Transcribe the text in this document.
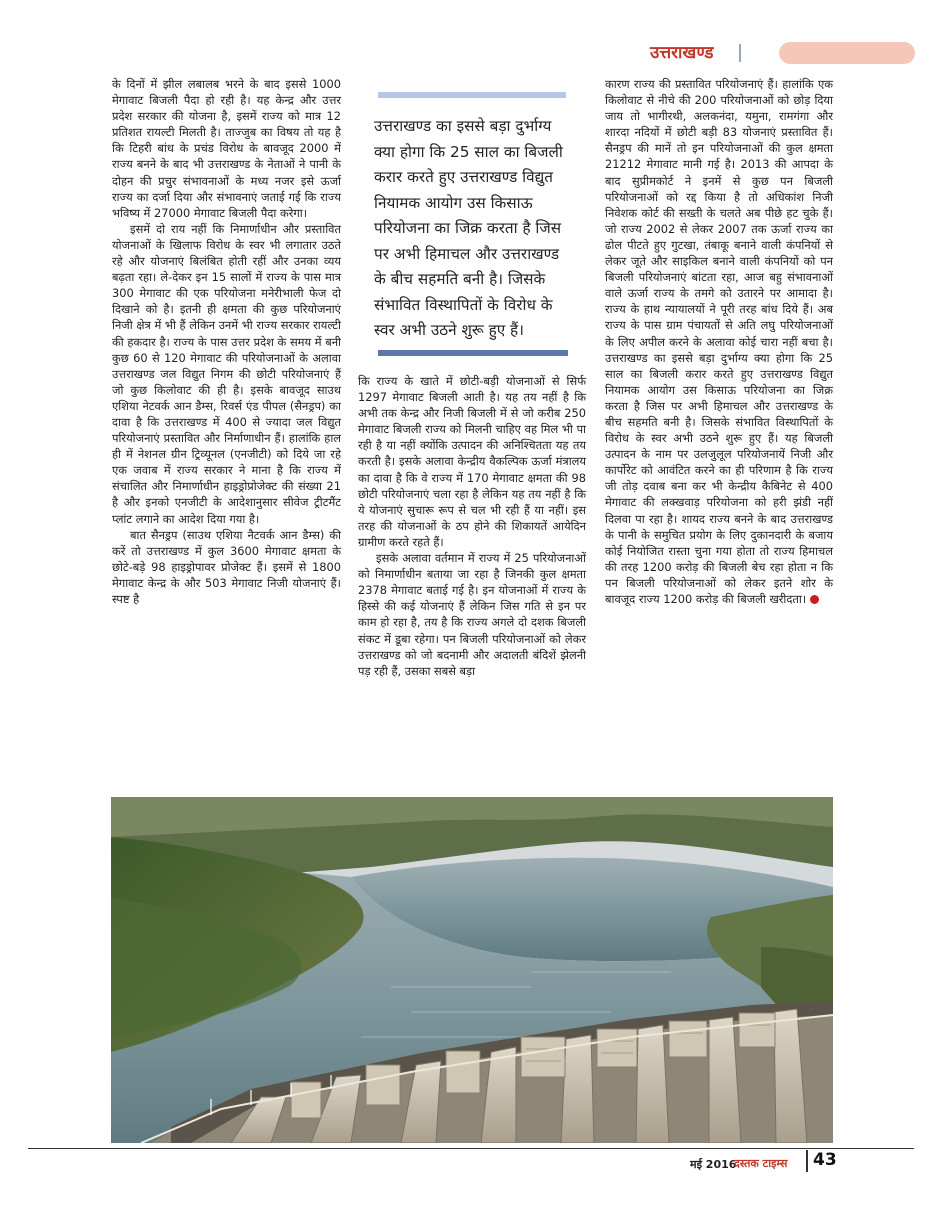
उत्तराखण्ड

के दिनों में झील लबालब भरने के बाद इससे 1000 मेगावाट बिजली पैदा हो रही है। यह केन्द्र और उत्तर प्रदेश सरकार की योजना है, इसमें राज्य को मात्र 12 प्रतिशत रायल्टी मिलती है। ताज्जुब का विषय तो यह है कि टिहरी बांध के प्रचंड विरोध के बावजूद 2000 में राज्य बनने के बाद भी उत्तराखण्ड के नेताओं ने पानी के दोहन की प्रचुर संभावनाओं के मध्य नजर इसे ऊर्जा राज्य का दर्जा दिया और संभावनाएं जताई गई कि राज्य भविष्य में 27000 मेगावाट बिजली पैदा करेगा।

इसमें दो राय नहीं कि निमार्णाधीन और प्रस्तावित योजनाओं के खिलाफ विरोध के स्वर भी लगातार उठते रहे और योजनाएं बिलंबित होती रहीं और उनका व्यय बढ़ता रहा। ले-देकर इन 15 सालों में राज्य के पास मात्र 300 मेगावाट की एक परियोजना मनेरीभाली फेज दो दिखाने को है। इतनी ही क्षमता की कुछ परियोजनाएं निजी क्षेत्र में भी हैं लेकिन उनमें भी राज्य सरकार रायल्टी की हकदार है। राज्य के पास उत्तर प्रदेश के समय में बनी कुछ 60 से 120 मेगावाट की परियोजनाओं के अलावा उत्तराखण्ड जल विद्युत निगम की छोटी परियोजनाएं हैं जो कुछ किलोवाट की ही है। इसके बावजूद साउथ एशिया नेटवर्क आन डैम्स, रिवर्स एंड पीपल (सैनड्रप) का दावा है कि उत्तराखण्ड में 400 से ज्यादा जल विद्युत परियोजनाएं प्रस्तावित और निर्माणाधीन हैं। हालांकि हाल ही में नेशनल ग्रीन ट्रिव्यूनल (एनजीटी) को दिये जा रहे एक जवाब में राज्य सरकार ने माना है कि राज्य में संचालित और निमार्णाधीन हाइड्रोप्रोजेक्ट की संख्या 21 है और इनको एनजीटी के आदेशानुसार सीवेज ट्रीटमैंट प्लांट लगाने का आदेश दिया गया है।

बात सैनड्रप (साउथ एशिया नैटवर्क आन डैम्स) की करें तो उत्तराखण्ड में कुल 3600 मेगावाट क्षमता के छोटे-बड़े 98 हाइड्रोपावर प्रोजेक्ट हैं। इसमें से 1800 मेगावाट केन्द्र के और 503 मेगावाट निजी योजनाएं हैं। स्पष्ट है

उत्तराखण्ड का इससे बड़ा दुर्भाग्य क्या होगा कि 25 साल का बिजली करार करते हुए उत्तराखण्ड विद्युत नियामक आयोग उस किसाऊ परियोजना का जिक्र करता है जिस पर अभी हिमाचल और उत्तराखण्ड के बीच सहमति बनी है। जिसके संभावित विस्थापितों के विरोध के स्वर अभी उठने शुरू हुए हैं।

कि राज्य के खाते में छोटी-बड़ी योजनाओं से सिर्फ 1297 मेगावाट बिजली आती है। यह तय नहीं है कि अभी तक केन्द्र और निजी बिजली में से जो करीब 250 मेगावाट बिजली राज्य को मिलनी चाहिए वह मिल भी पा रही है या नहीं क्योंकि उत्पादन की अनिश्चितता यह तय करती है। इसके अलावा केन्द्रीय वैकल्पिक ऊर्जा मंत्रालय का दावा है कि वे राज्य में 170 मेगावाट क्षमता की 98 छोटी परियोजनाएं चला रहा है लेकिन यह तय नहीं है कि ये योजनाएं सुचारू रूप से चल भी रही हैं या नहीं। इस तरह की योजनाओं के ठप होने की शिकायतें आयेदिन ग्रामीण करते रहते हैं।

इसके अलावा वर्तमान में राज्य में 25 परियोजनाओं को निमार्णाधीन बताया जा रहा है जिनकी कुल क्षमता 2378 मेगावाट बताई गई है। इन योजनाओं में राज्य के हिस्से की कई योजनाएं हैं लेकिन जिस गति से इन पर काम हो रहा है, तय है कि राज्य अगले दो दशक बिजली संकट में डूबा रहेगा। पन बिजली परियोजनाओं को लेकर उत्तराखण्ड को जो बदनामी और अदालती बंदिशें झेलनी पड़ रही हैं, उसका सबसे बड़ा

कारण राज्य की प्रस्तावित परियोजनाएं हैं। हालांकि एक किलोवाट से नीचे की 200 परियोजनाओं को छोड़ दिया जाय तो भागीरथी, अलकनंदा, यमुना, रामगंगा और शारदा नदियों में छोटी बड़ी 83 योजनाएं प्रस्तावित हैं। सैनड्रप की मानें तो इन परियोजनाओं की कुल क्षमता 21212 मेगावाट मानी गई है। 2013 की आपदा के बाद सुप्रीमकोर्ट ने इनमें से कुछ पन बिजली परियोजनाओं को रद्द किया है तो अधिकांश निजी निवेशक कोर्ट की सख्ती के चलते अब पीछे हट चुके हैं। जो राज्य 2002 से लेकर 2007 तक ऊर्जा राज्य का ढोल पीटते हुए गुटखा, तंबाकू बनाने वाली कंपनियों से लेकर जूते और साइकिल बनाने वाली कंपनियों को पन बिजली परियोजनाएं बांटता रहा, आज बहु संभावनाओं वाले ऊर्जा राज्य के तमगे को उतारने पर आमादा है। राज्य के हाथ न्यायालयों ने पूरी तरह बांध दिये हैं। अब राज्य के पास ग्राम पंचायतों से अति लघु परियोजनाओं के लिए अपील करने के अलावा कोई चारा नहीं बचा है। उत्तराखण्ड का इससे बड़ा दुर्भाग्य क्या होगा कि 25 साल का बिजली करार करते हुए उत्तराखण्ड विद्युत नियामक आयोग उस किसाऊ परियोजना का जिक्र करता है जिस पर अभी हिमाचल और उत्तराखण्ड के बीच सहमति बनी है। जिसके संभावित विस्थापितों के विरोध के स्वर अभी उठने शुरू हुए हैं। यह बिजली उत्पादन के नाम पर उलजुलूल परियोजनायें निजी और कार्पोरेट को आवंटित करने का ही परिणाम है कि राज्य जी तोड़ दवाब बना कर भी केन्द्रीय कैबिनेट से 400 मेगावाट की लक्खवाड़ परियोजना को हरी झंडी नहीं दिलवा पा रहा है। शायद राज्य बनने के बाद उत्तराखण्ड के पानी के समुचित प्रयोग के लिए दुकानदारी के बजाय कोई नियोजित रास्ता चुना गया होता तो राज्य हिमाचल की तरह 1200 करोड़ की बिजली बेच रहा होता न कि पन बिजली परियोजनाओं को लेकर इतने शोर के बावजूद राज्य 1200 करोड़ की बिजली खरीदता।

मई 2016
दस्तक टाइम्स 43
